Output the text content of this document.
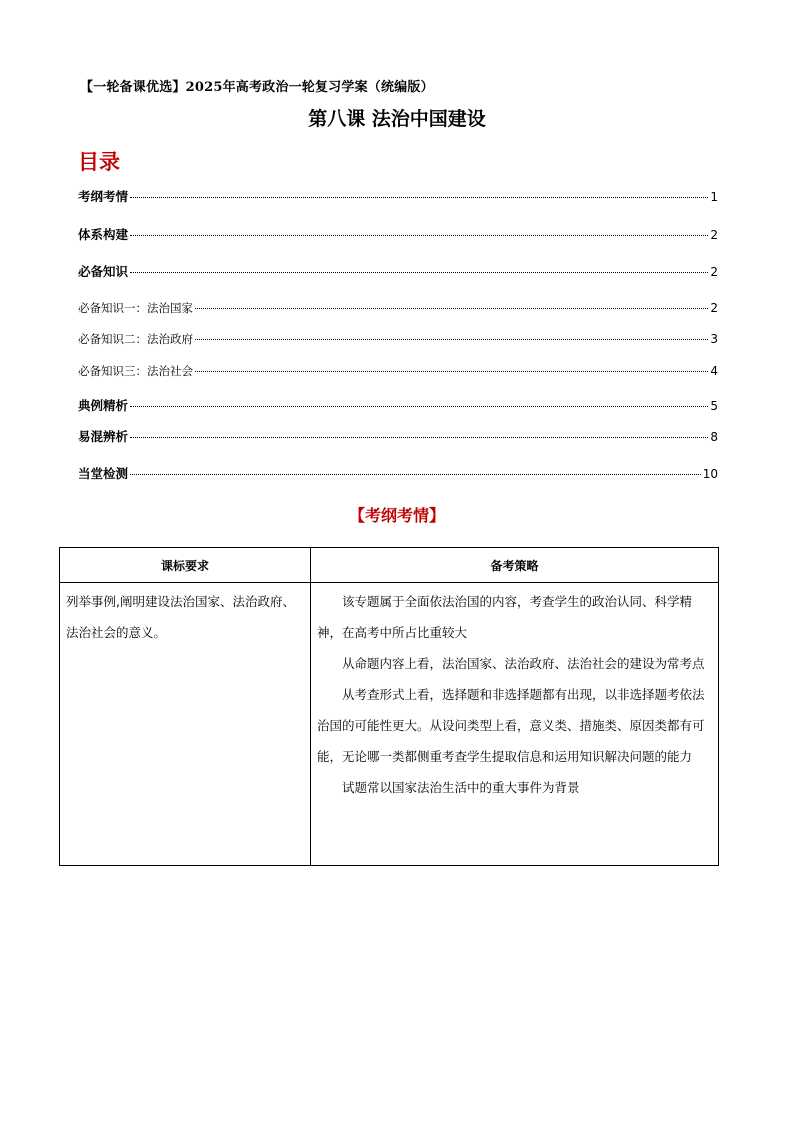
【一轮备课优选】2025年高考政治一轮复习学案（统编版）
第八课 法治中国建设
目录
考纲考情	1
体系构建	2
必备知识	2
必备知识一：法治国家	2
必备知识二：法治政府	3
必备知识三：法治社会	4
典例精析	5
易混辨析	8
当堂检测	10
【考纲考情】
课标要求	备考策略
列举事例,阐明建设法治国家、法治政府、法治社会的意义。	该专题属于全面依法治国的内容，考查学生的政治认同、科学精神，在高考中所占比重较大

从命题内容上看，法治国家、法治政府、法治社会的建设为常考点

从考查形式上看，选择题和非选择题都有出现，以非选择题考依法治国的可能性更大。从设问类型上看，意义类、措施类、原因类都有可能，无论哪一类都侧重考查学生提取信息和运用知识解决问题的能力

试题常以国家法治生活中的重大事件为背景
